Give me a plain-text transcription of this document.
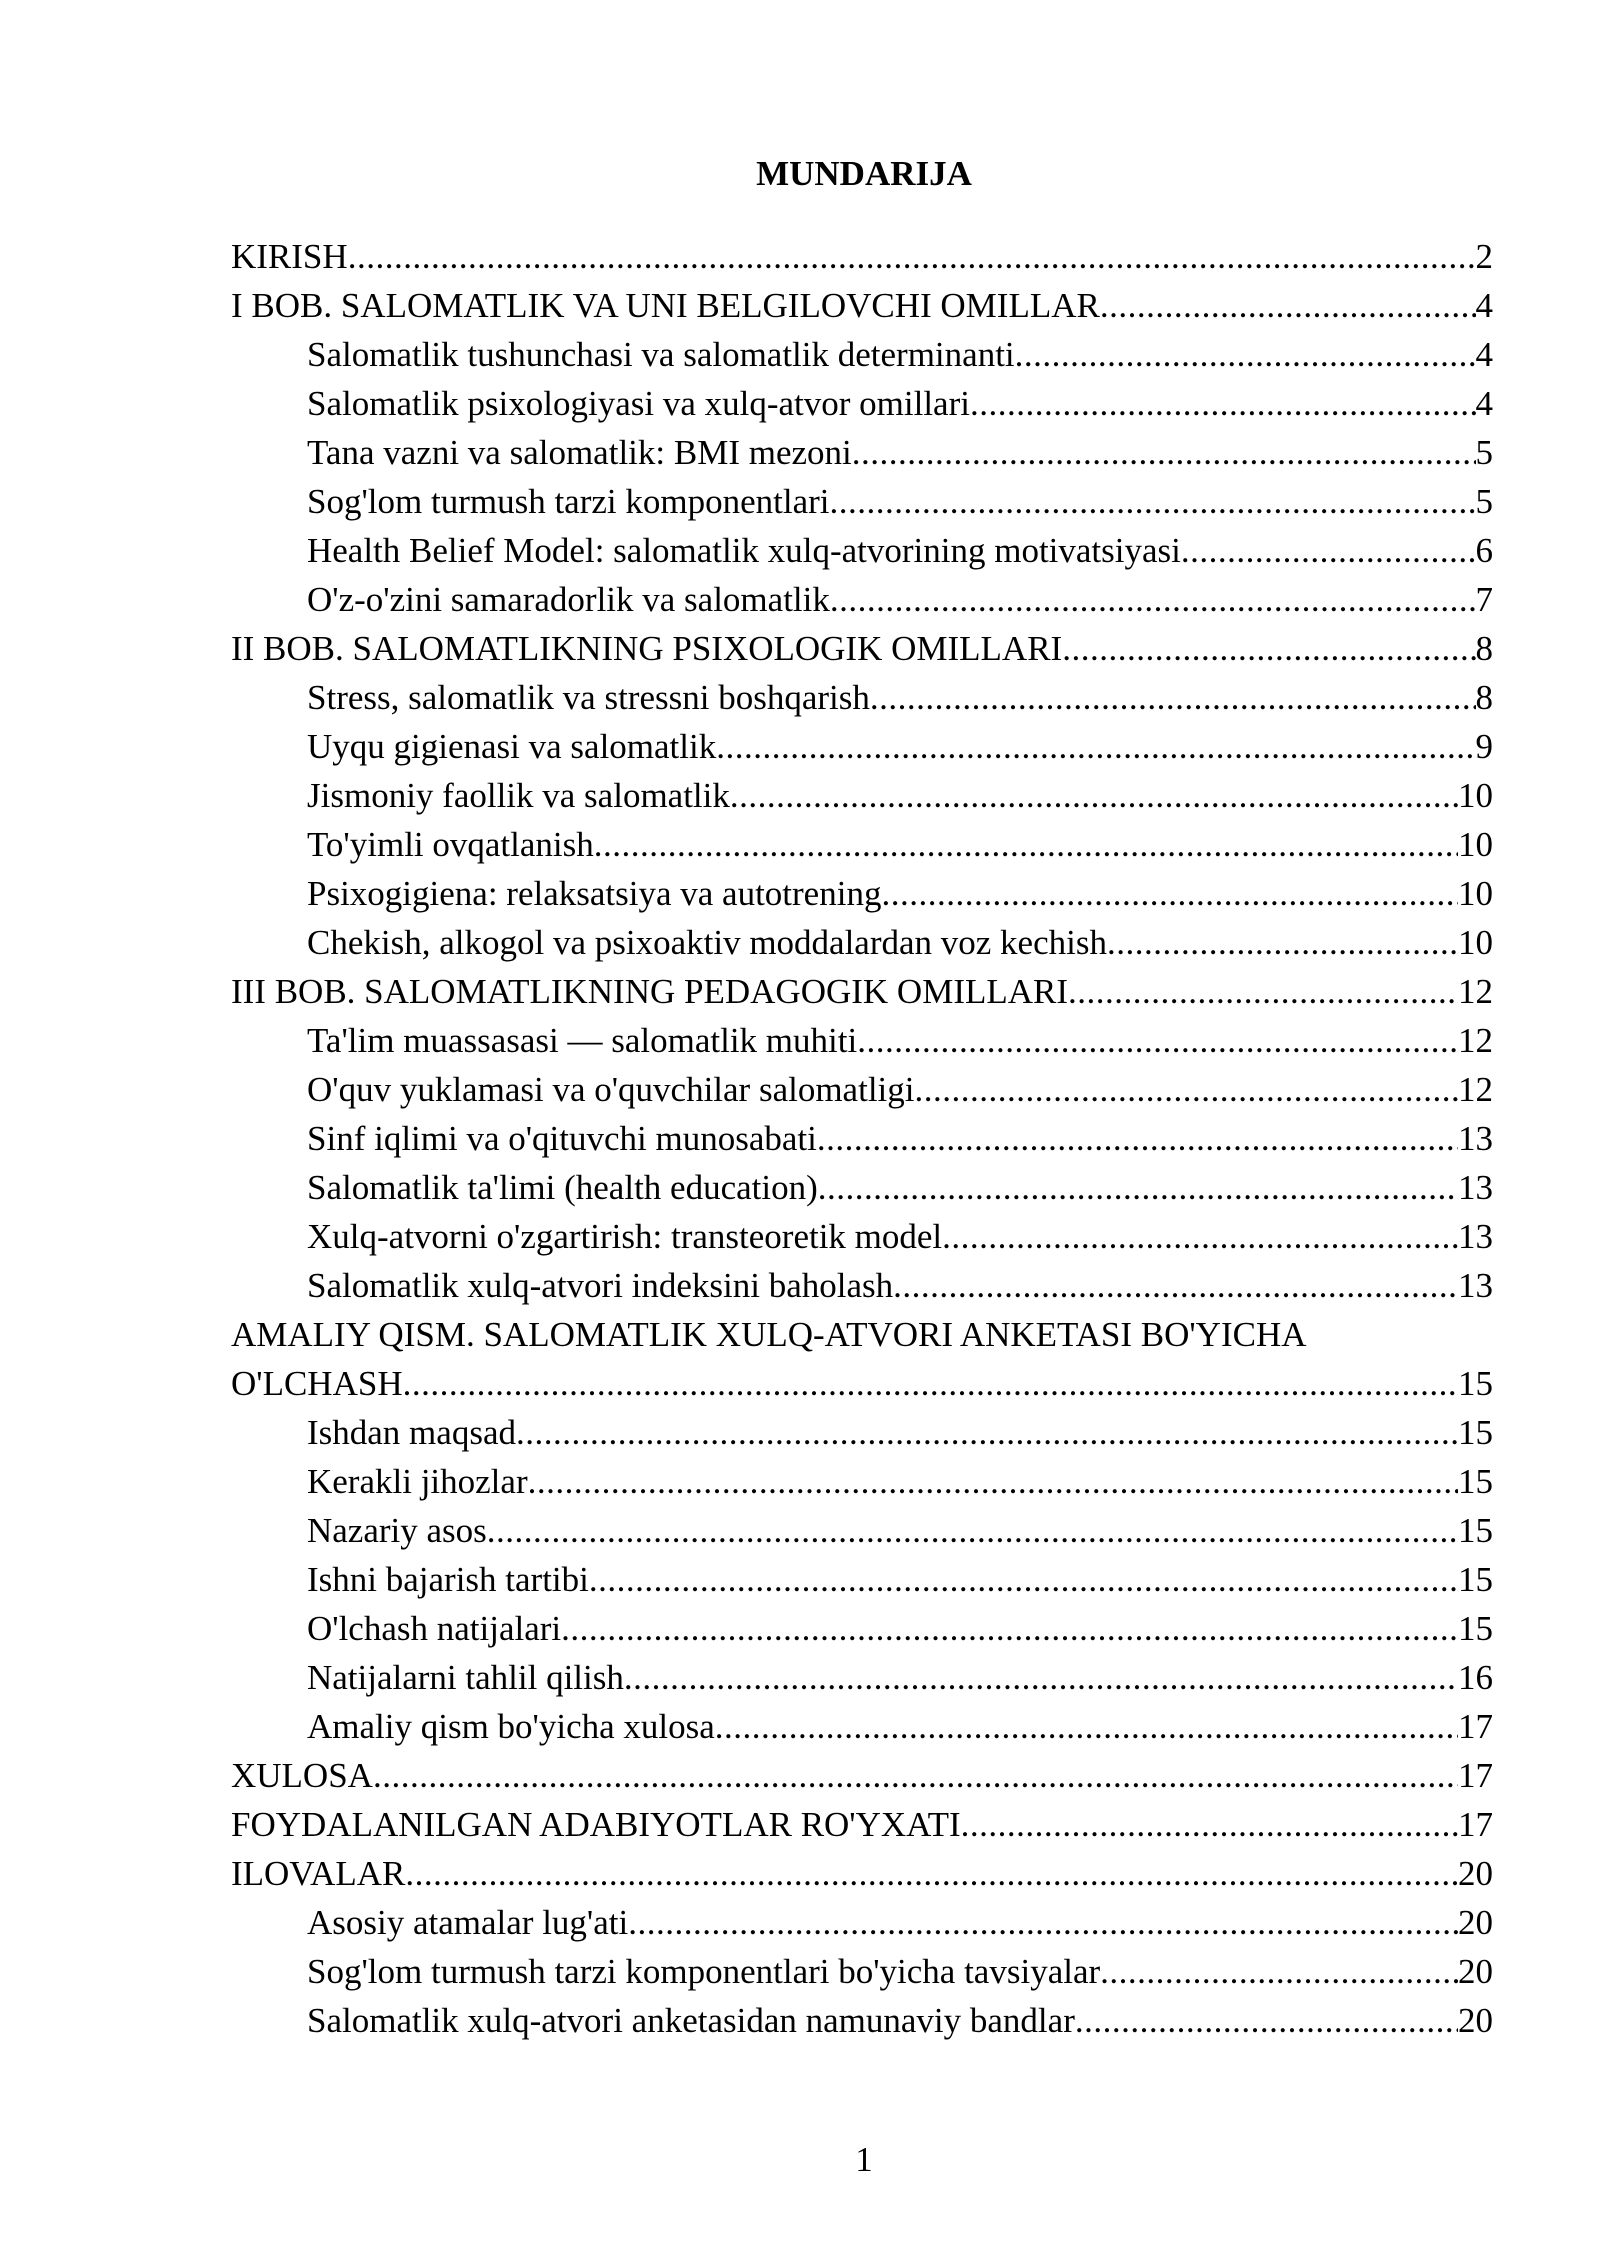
MUNDARIJA
KIRISH .....	2
I BOB. SALOMATLIK VA UNI BELGILOVCHI OMILLAR .....	4
Salomatlik tushunchasi va salomatlik determinanti .....	4
Salomatlik psixologiyasi va xulq-atvor omillari .....	4
Tana vazni va salomatlik: BMI mezoni .....	5
Sog'lom turmush tarzi komponentlari .....	5
Health Belief Model: salomatlik xulq-atvorining motivatsiyasi .....	6
O'z-o'zini samaradorlik va salomatlik .....	7
II BOB. SALOMATLIKNING PSIXOLOGIK OMILLARI .....	8
Stress, salomatlik va stressni boshqarish .....	8
Uyqu gigienasi va salomatlik .....	9
Jismoniy faollik va salomatlik .....	10
To'yimli ovqatlanish .....	10
Psixogigiena: relaksatsiya va autotrening .....	10
Chekish, alkogol va psixoaktiv moddalardan voz kechish .....	10
III BOB. SALOMATLIKNING PEDAGOGIK OMILLARI .....	12
Ta'lim muassasasi — salomatlik muhiti .....	12
O'quv yuklamasi va o'quvchilar salomatligi .....	12
Sinf iqlimi va o'qituvchi munosabati .....	13
Salomatlik ta'limi (health education) .....	13
Xulq-atvorni o'zgartirish: transteoretik model .....	13
Salomatlik xulq-atvori indeksini baholash .....	13
AMALIY QISM. SALOMATLIK XULQ-ATVORI ANKETASI BO'YICHA
O'LCHASH .....	15
Ishdan maqsad .....	15
Kerakli jihozlar .....	15
Nazariy asos .....	15
Ishni bajarish tartibi .....	15
O'lchash natijalari .....	15
Natijalarni tahlil qilish .....	16
Amaliy qism bo'yicha xulosa .....	17
XULOSA .....	17
FOYDALANILGAN ADABIYOTLAR RO'YXATI .....	17
ILOVALAR .....	20
Asosiy atamalar lug'ati .....	20
Sog'lom turmush tarzi komponentlari bo'yicha tavsiyalar .....	20
Salomatlik xulq-atvori anketasidan namunaviy bandlar .....	20
1
